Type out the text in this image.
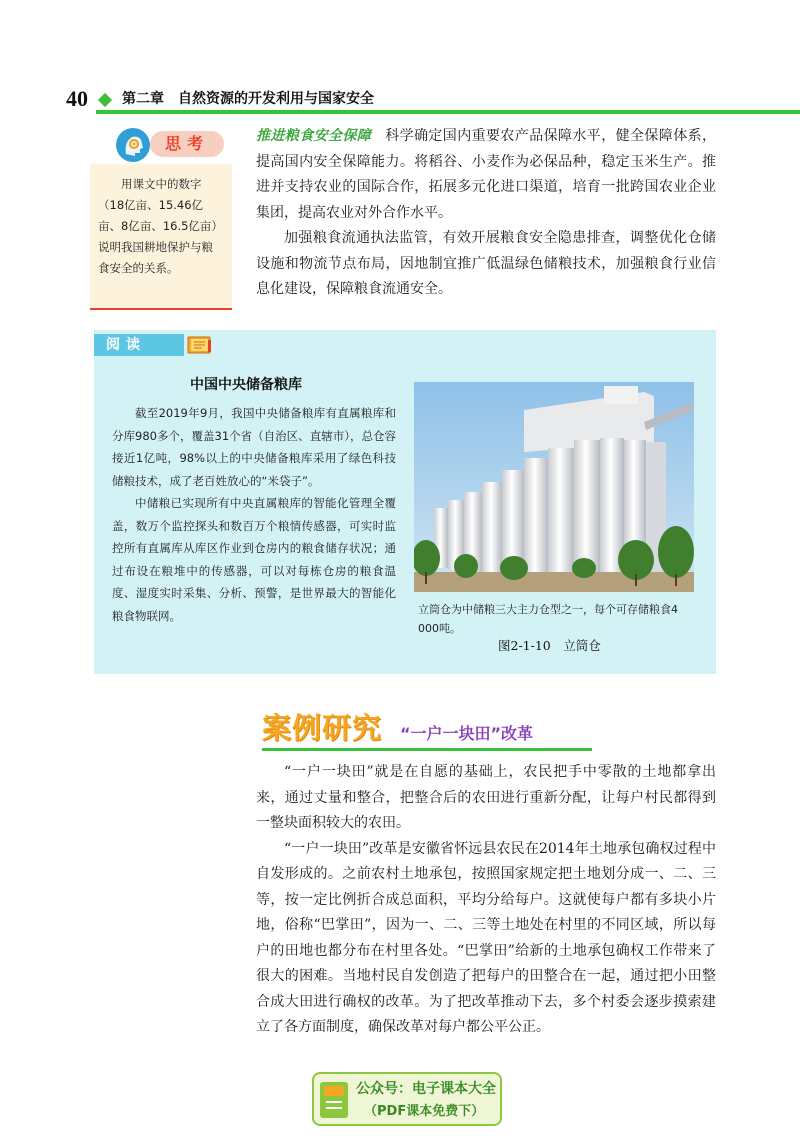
40 第二章　自然资源的开发利用与国家安全
思考
用课文中的数字（18亿亩、15.46亿亩、8亿亩、16.5亿亩）说明我国耕地保护与粮食安全的关系。

推进粮食安全保障 科学确定国内重要农产品保障水平，健全保障体系，提高国内安全保障能力。将稻谷、小麦作为必保品种，稳定玉米生产。推进并支持农业的国际合作，拓展多元化进口渠道，培育一批跨国农业企业集团，提高农业对外合作水平。

加强粮食流通执法监管，有效开展粮食安全隐患排查，调整优化仓储设施和物流节点布局，因地制宜推广低温绿色储粮技术，加强粮食行业信息化建设，保障粮食流通安全。

阅读
中国中央储备粮库

截至2019年9月，我国中央储备粮库有直属粮库和分库980多个，覆盖31个省（自治区、直辖市），总仓容接近1亿吨，98%以上的中央储备粮库采用了绿色科技储粮技术，成了老百姓放心的“米袋子”。

中储粮已实现所有中央直属粮库的智能化管理全覆盖，数万个监控探头和数百万个粮情传感器，可实时监控所有直属库从库区作业到仓房内的粮食储存状况；通过布设在粮堆中的传感器，可以对每栋仓房的粮食温度、湿度实时采集、分析、预警，是世界最大的智能化粮食物联网。	立筒仓为中储粮三大主力仓型之一，每个可存储粮食4 000吨。
图2-1-10　立筒仓
案例研究 “一户一块田”改革

“一户一块田”就是在自愿的基础上，农民把手中零散的土地都拿出来，通过丈量和整合，把整合后的农田进行重新分配，让每户村民都得到一整块面积较大的农田。

“一户一块田”改革是安徽省怀远县农民在2014年土地承包确权过程中自发形成的。之前农村土地承包，按照国家规定把土地划分成一、二、三等，按一定比例折合成总面积，平均分给每户。这就使每户都有多块小片地，俗称“巴掌田”，因为一、二、三等土地处在村里的不同区域，所以每户的田地也都分布在村里各处。“巴掌田”给新的土地承包确权工作带来了很大的困难。当地村民自发创造了把每户的田整合在一起，通过把小田整合成大田进行确权的改革。为了把改革推动下去，多个村委会逐步摸索建立了各方面制度，确保改革对每户都公平公正。

公众号：电子课本大全
（PDF课本免费下）
